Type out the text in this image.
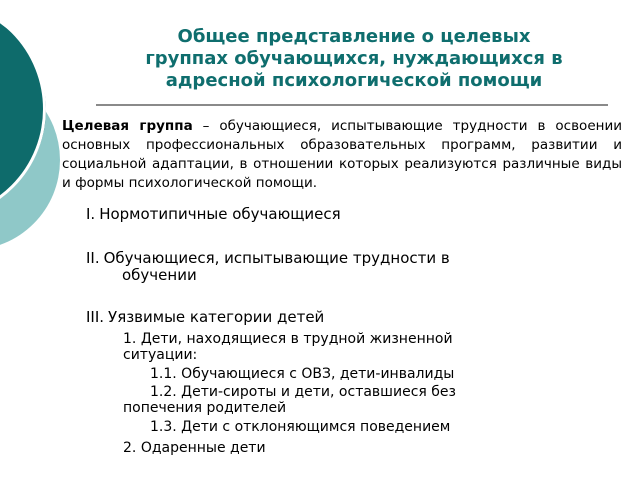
Общее представление о целевых
группах обучающихся, нуждающихся в
адресной психологической помощи

Целевая группа – обучающиеся, испытывающие трудности в освоении основных профессиональных образовательных программ, развитии и социальной адаптации, в отношении которых реализуются различные виды и формы психологической помощи.

I. Нормотипичные обучающиеся
II. Обучающиеся, испытывающие трудности в
обучении
III. Уязвимые категории детей
1. Дети, находящиеся в трудной жизненной
ситуации:
1.1. Обучающиеся с ОВЗ, дети-инвалиды
1.2. Дети-сироты и дети, оставшиеся без
попечения родителей
1.3. Дети с отклоняющимся поведением
2. Одаренные дети
